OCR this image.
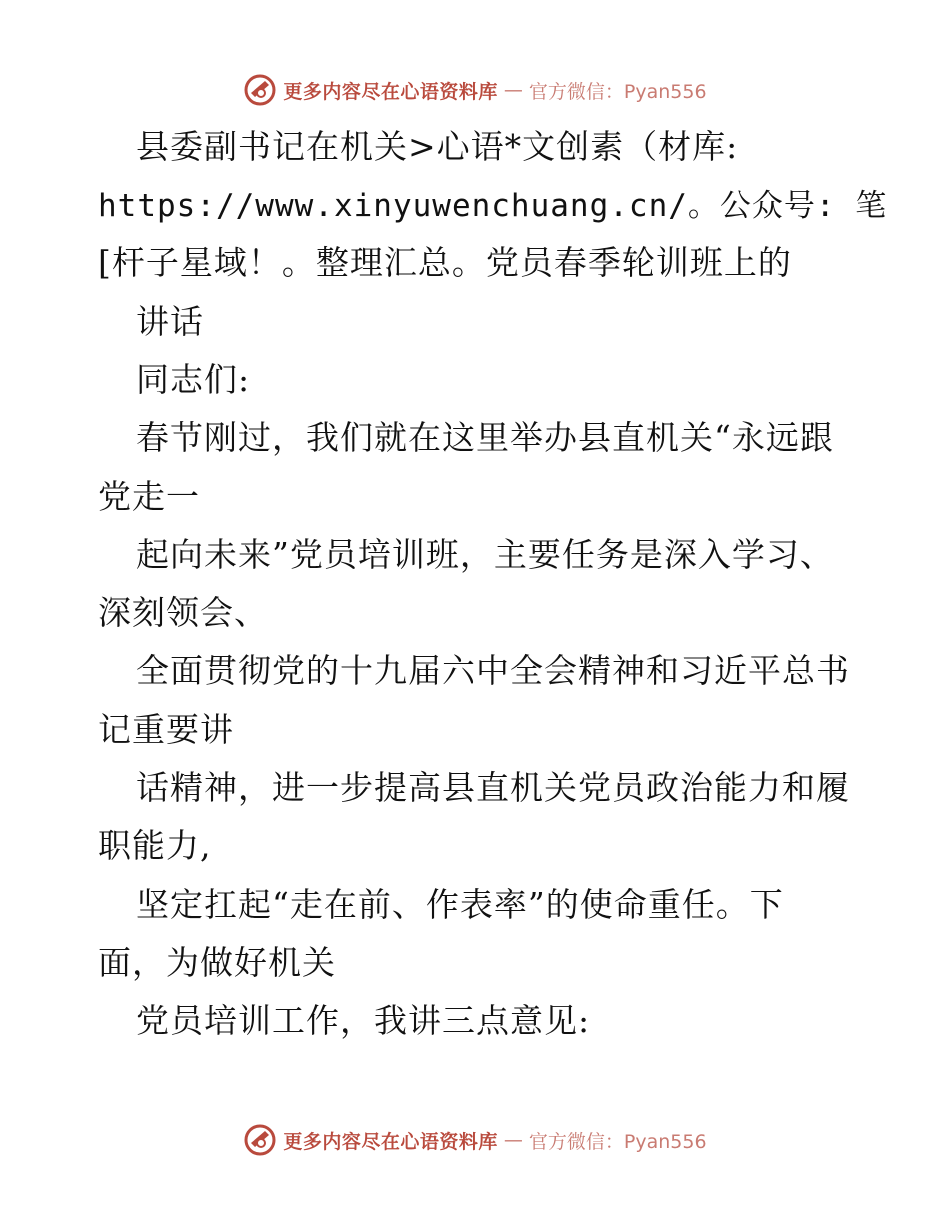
更多内容尽在心语资料库 — 官方微信：Pyan556
县委副书记在机关>心语*文创素（材库:
https://www.xinyuwenchuang.cn/。公众号: 笔
[杆子星域！。整理汇总。党员春季轮训班上的
讲话
同志们:
春节刚过，我们就在这里举办县直机关“永远跟
党走一
起向未来”党员培训班，主要任务是深入学习、
深刻领会、
全面贯彻党的十九届六中全会精神和习近平总书
记重要讲
话精神，进一步提高县直机关党员政治能力和履
职能力,
坚定扛起“走在前、作表率”的使命重任。下
面，为做好机关
党员培训工作，我讲三点意见:
更多内容尽在心语资料库 — 官方微信：Pyan556
